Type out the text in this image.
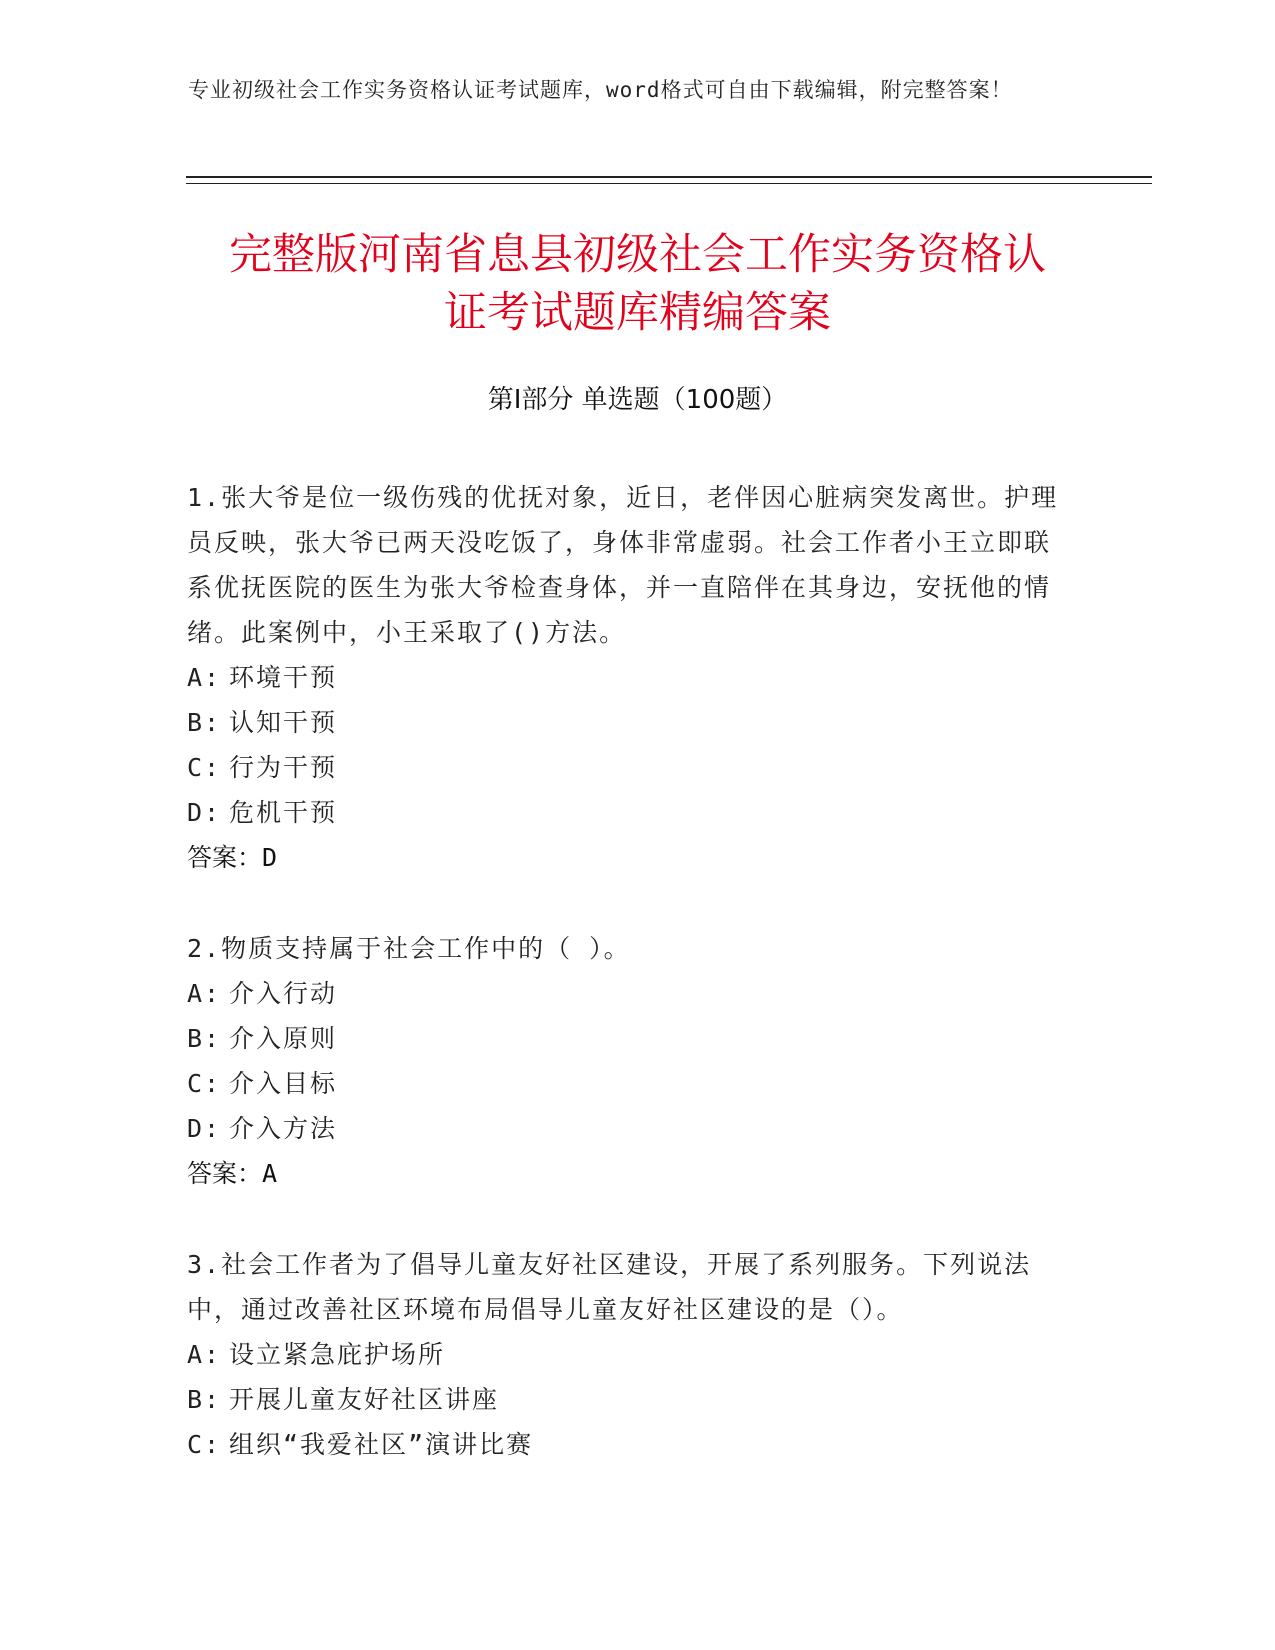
专业初级社会工作实务资格认证考试题库，word格式可自由下载编辑，附完整答案！
完整版河南省息县初级社会工作实务资格认
证考试题库精编答案
第Ⅰ部分 单选题（100题）
1.张大爷是位一级伤残的优抚对象，近日，老伴因心脏病突发离世。护理员反映，张大爷已两天没吃饭了，身体非常虚弱。社会工作者小王立即联系优抚医院的医生为张大爷检查身体，并一直陪伴在其身边，安抚他的情绪。此案例中，小王采取了()方法。
A: 环境干预
B: 认知干预
C: 行为干预
D: 危机干预
答案：D
2.物质支持属于社会工作中的（ ）。
A: 介入行动
B: 介入原则
C: 介入目标
D: 介入方法
答案：A
3.社会工作者为了倡导儿童友好社区建设，开展了系列服务。下列说法中，通过改善社区环境布局倡导儿童友好社区建设的是（）。
A: 设立紧急庇护场所
B: 开展儿童友好社区讲座
C: 组织“我爱社区”演讲比赛
